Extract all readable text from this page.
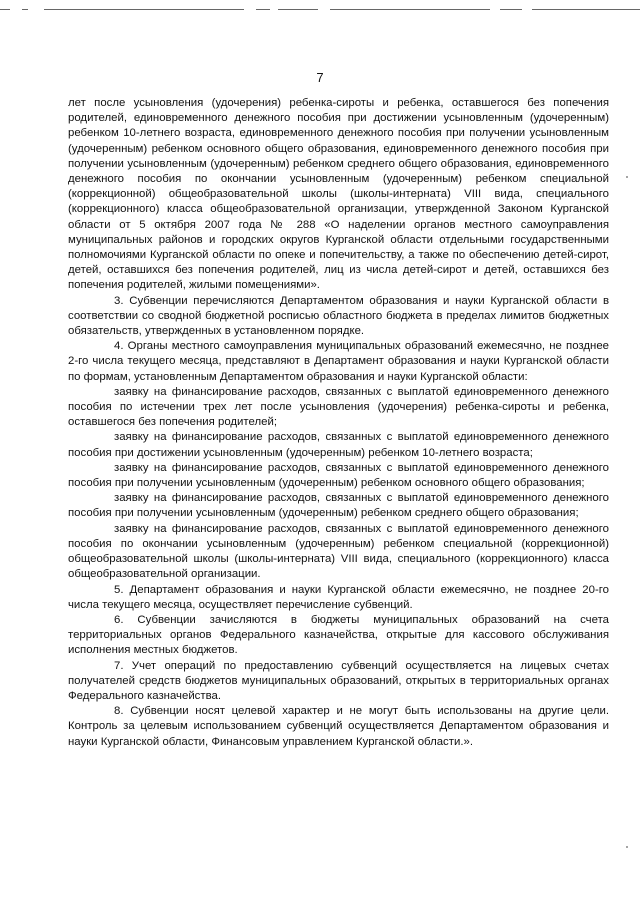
7

лет после усыновления (удочерения) ребенка-сироты и ребенка, оставшегося без попечения родителей, единовременного денежного пособия при достижении усыновленным (удочеренным) ребенком 10-летнего возраста, единовременного денежного пособия при получении усыновленным (удочеренным) ребенком основного общего образования, единовременного денежного пособия при получении усыновленным (удочеренным) ребенком среднего общего образования, единовременного денежного пособия по окончании усыновленным (удочеренным) ребенком специальной (коррекционной) общеобразовательной школы (школы-интерната) VIII вида, специального (коррекционного) класса общеобразовательной организации, утвержденной Законом Курганской области от 5 октября 2007 года № 288 «О наделении органов местного самоуправления муниципальных районов и городских округов Курганской области отдельными государственными полномочиями Курганской области по опеке и попечительству, а также по обеспечению детей-сирот, детей, оставшихся без попечения родителей, лиц из числа детей-сирот и детей, оставшихся без попечения родителей, жилыми помещениями».

3. Субвенции перечисляются Департаментом образования и науки Курганской области в соответствии со сводной бюджетной росписью областного бюджета в пределах лимитов бюджетных обязательств, утвержденных в установленном порядке.

4. Органы местного самоуправления муниципальных образований ежемесячно, не позднее 2-го числа текущего месяца, представляют в Департамент образования и науки Курганской области по формам, установленным Департаментом образования и науки Курганской области:

заявку на финансирование расходов, связанных с выплатой единовременного денежного пособия по истечении трех лет после усыновления (удочерения) ребенка-сироты и ребенка, оставшегося без попечения родителей;

заявку на финансирование расходов, связанных с выплатой единовременного денежного пособия при достижении усыновленным (удочеренным) ребенком 10-летнего возраста;

заявку на финансирование расходов, связанных с выплатой единовременного денежного пособия при получении усыновленным (удочеренным) ребенком основного общего образования;

заявку на финансирование расходов, связанных с выплатой единовременного денежного пособия при получении усыновленным (удочеренным) ребенком среднего общего образования;

заявку на финансирование расходов, связанных с выплатой единовременного денежного пособия по окончании усыновленным (удочеренным) ребенком специальной (коррекционной) общеобразовательной школы (школы-интерната) VIII вида, специального (коррекционного) класса общеобразовательной организации.

5. Департамент образования и науки Курганской области ежемесячно, не позднее 20-го числа текущего месяца, осуществляет перечисление субвенций.

6. Субвенции зачисляются в бюджеты муниципальных образований на счета территориальных органов Федерального казначейства, открытые для кассового обслуживания исполнения местных бюджетов.

7. Учет операций по предоставлению субвенций осуществляется на лицевых счетах получателей средств бюджетов муниципальных образований, открытых в территориальных органах Федерального казначейства.

8. Субвенции носят целевой характер и не могут быть использованы на другие цели. Контроль за целевым использованием субвенций осуществляется Департаментом образования и науки Курганской области, Финансовым управлением Курганской области.».
